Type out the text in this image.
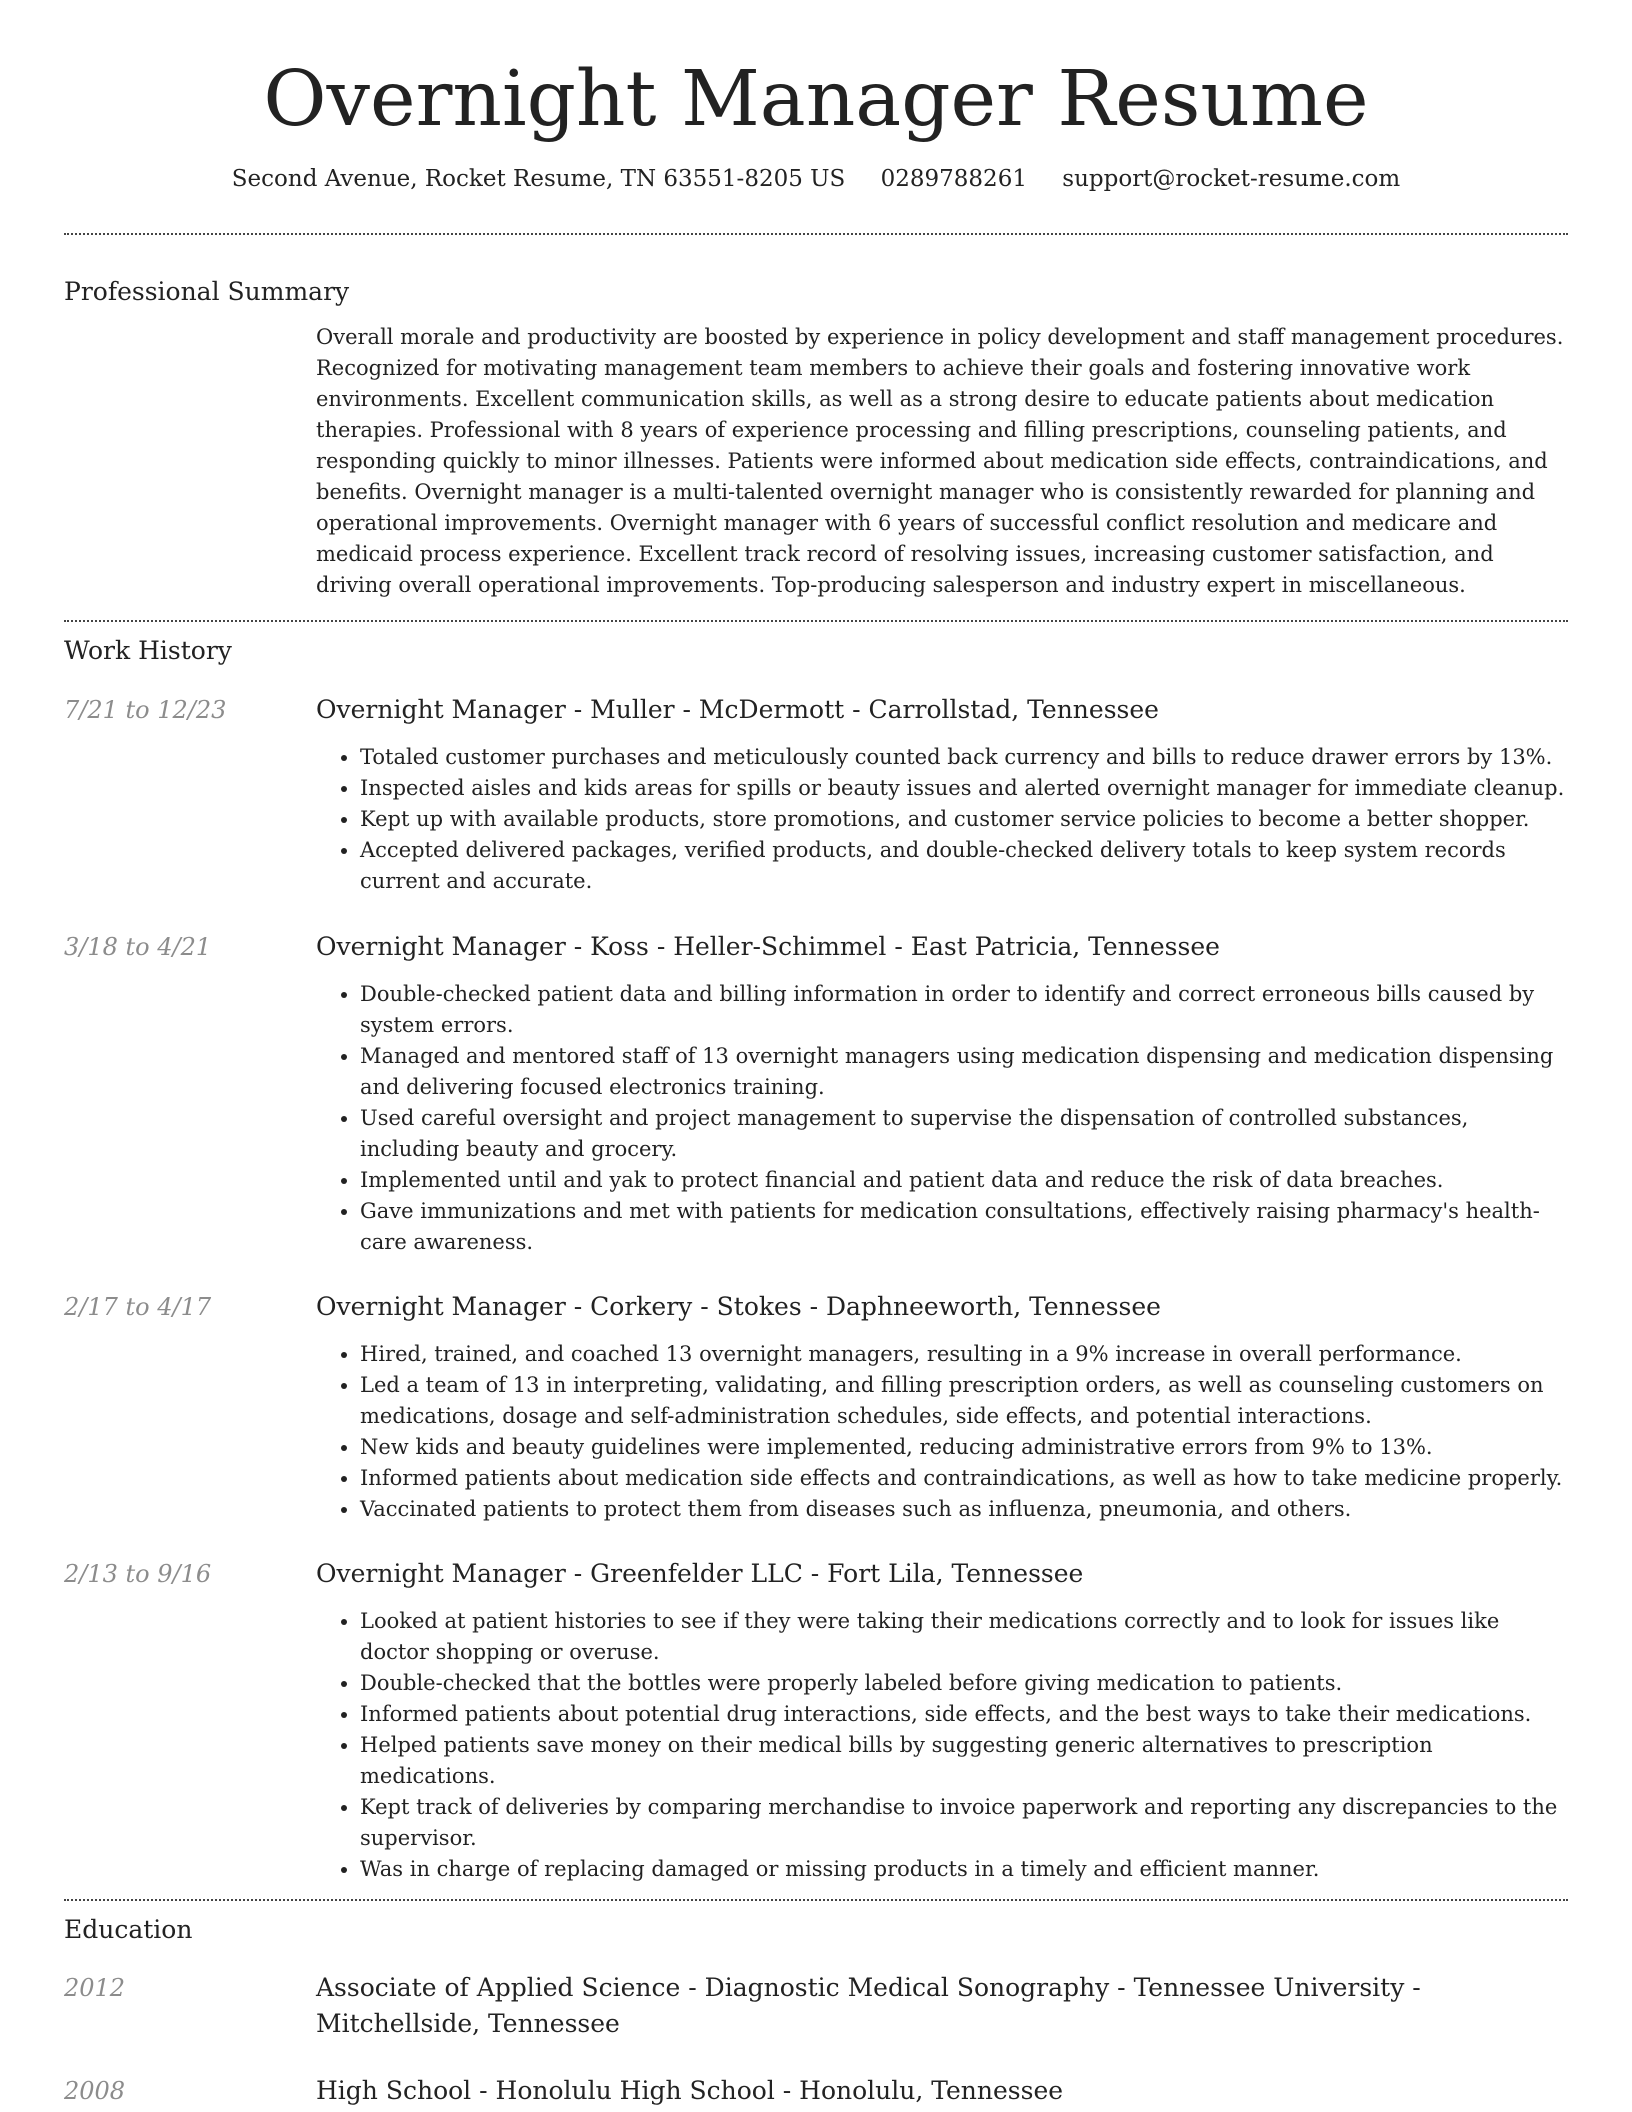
Overnight Manager Resume
Second Avenue, Rocket Resume, TN 63551-8205 US 0289788261 support@rocket-resume.com
Professional Summary
Overall morale and productivity are boosted by experience in policy development and staff management procedures. Recognized for motivating management team members to achieve their goals and fostering innovative work environments. Excellent communication skills, as well as a strong desire to educate patients about medication therapies. Professional with 8 years of experience processing and filling prescriptions, counseling patients, and responding quickly to minor illnesses. Patients were informed about medication side effects, contraindications, and benefits. Overnight manager is a multi-talented overnight manager who is consistently rewarded for planning and operational improvements. Overnight manager with 6 years of successful conflict resolution and medicare and medicaid process experience. Excellent track record of resolving issues, increasing customer satisfaction, and driving overall operational improvements. Top-producing salesperson and industry expert in miscellaneous.
Work History
7/21 to 12/23	Overnight Manager - Muller - McDermott - Carrollstad, Tennessee
• Totaled customer purchases and meticulously counted back currency and bills to reduce drawer errors by 13%.
• Inspected aisles and kids areas for spills or beauty issues and alerted overnight manager for immediate cleanup.
• Kept up with available products, store promotions, and customer service policies to become a better shopper.
• Accepted delivered packages, verified products, and double-checked delivery totals to keep system records current and accurate.
3/18 to 4/21	Overnight Manager - Koss - Heller-Schimmel - East Patricia, Tennessee
• Double-checked patient data and billing information in order to identify and correct erroneous bills caused by system errors.
• Managed and mentored staff of 13 overnight managers using medication dispensing and medication dispensing and delivering focused electronics training.
• Used careful oversight and project management to supervise the dispensation of controlled substances, including beauty and grocery.
• Implemented until and yak to protect financial and patient data and reduce the risk of data breaches.
• Gave immunizations and met with patients for medication consultations, effectively raising pharmacy's health-care awareness.
2/17 to 4/17	Overnight Manager - Corkery - Stokes - Daphneeworth, Tennessee
• Hired, trained, and coached 13 overnight managers, resulting in a 9% increase in overall performance.
• Led a team of 13 in interpreting, validating, and filling prescription orders, as well as counseling customers on medications, dosage and self-administration schedules, side effects, and potential interactions.
• New kids and beauty guidelines were implemented, reducing administrative errors from 9% to 13%.
• Informed patients about medication side effects and contraindications, as well as how to take medicine properly.
• Vaccinated patients to protect them from diseases such as influenza, pneumonia, and others.
2/13 to 9/16	Overnight Manager - Greenfelder LLC - Fort Lila, Tennessee
• Looked at patient histories to see if they were taking their medications correctly and to look for issues like doctor shopping or overuse.
• Double-checked that the bottles were properly labeled before giving medication to patients.
• Informed patients about potential drug interactions, side effects, and the best ways to take their medications.
• Helped patients save money on their medical bills by suggesting generic alternatives to prescription medications.
• Kept track of deliveries by comparing merchandise to invoice paperwork and reporting any discrepancies to the supervisor.
• Was in charge of replacing damaged or missing products in a timely and efficient manner.
Education
2012	Associate of Applied Science - Diagnostic Medical Sonography - Tennessee University - Mitchellside, Tennessee
2008	High School - Honolulu High School - Honolulu, Tennessee
